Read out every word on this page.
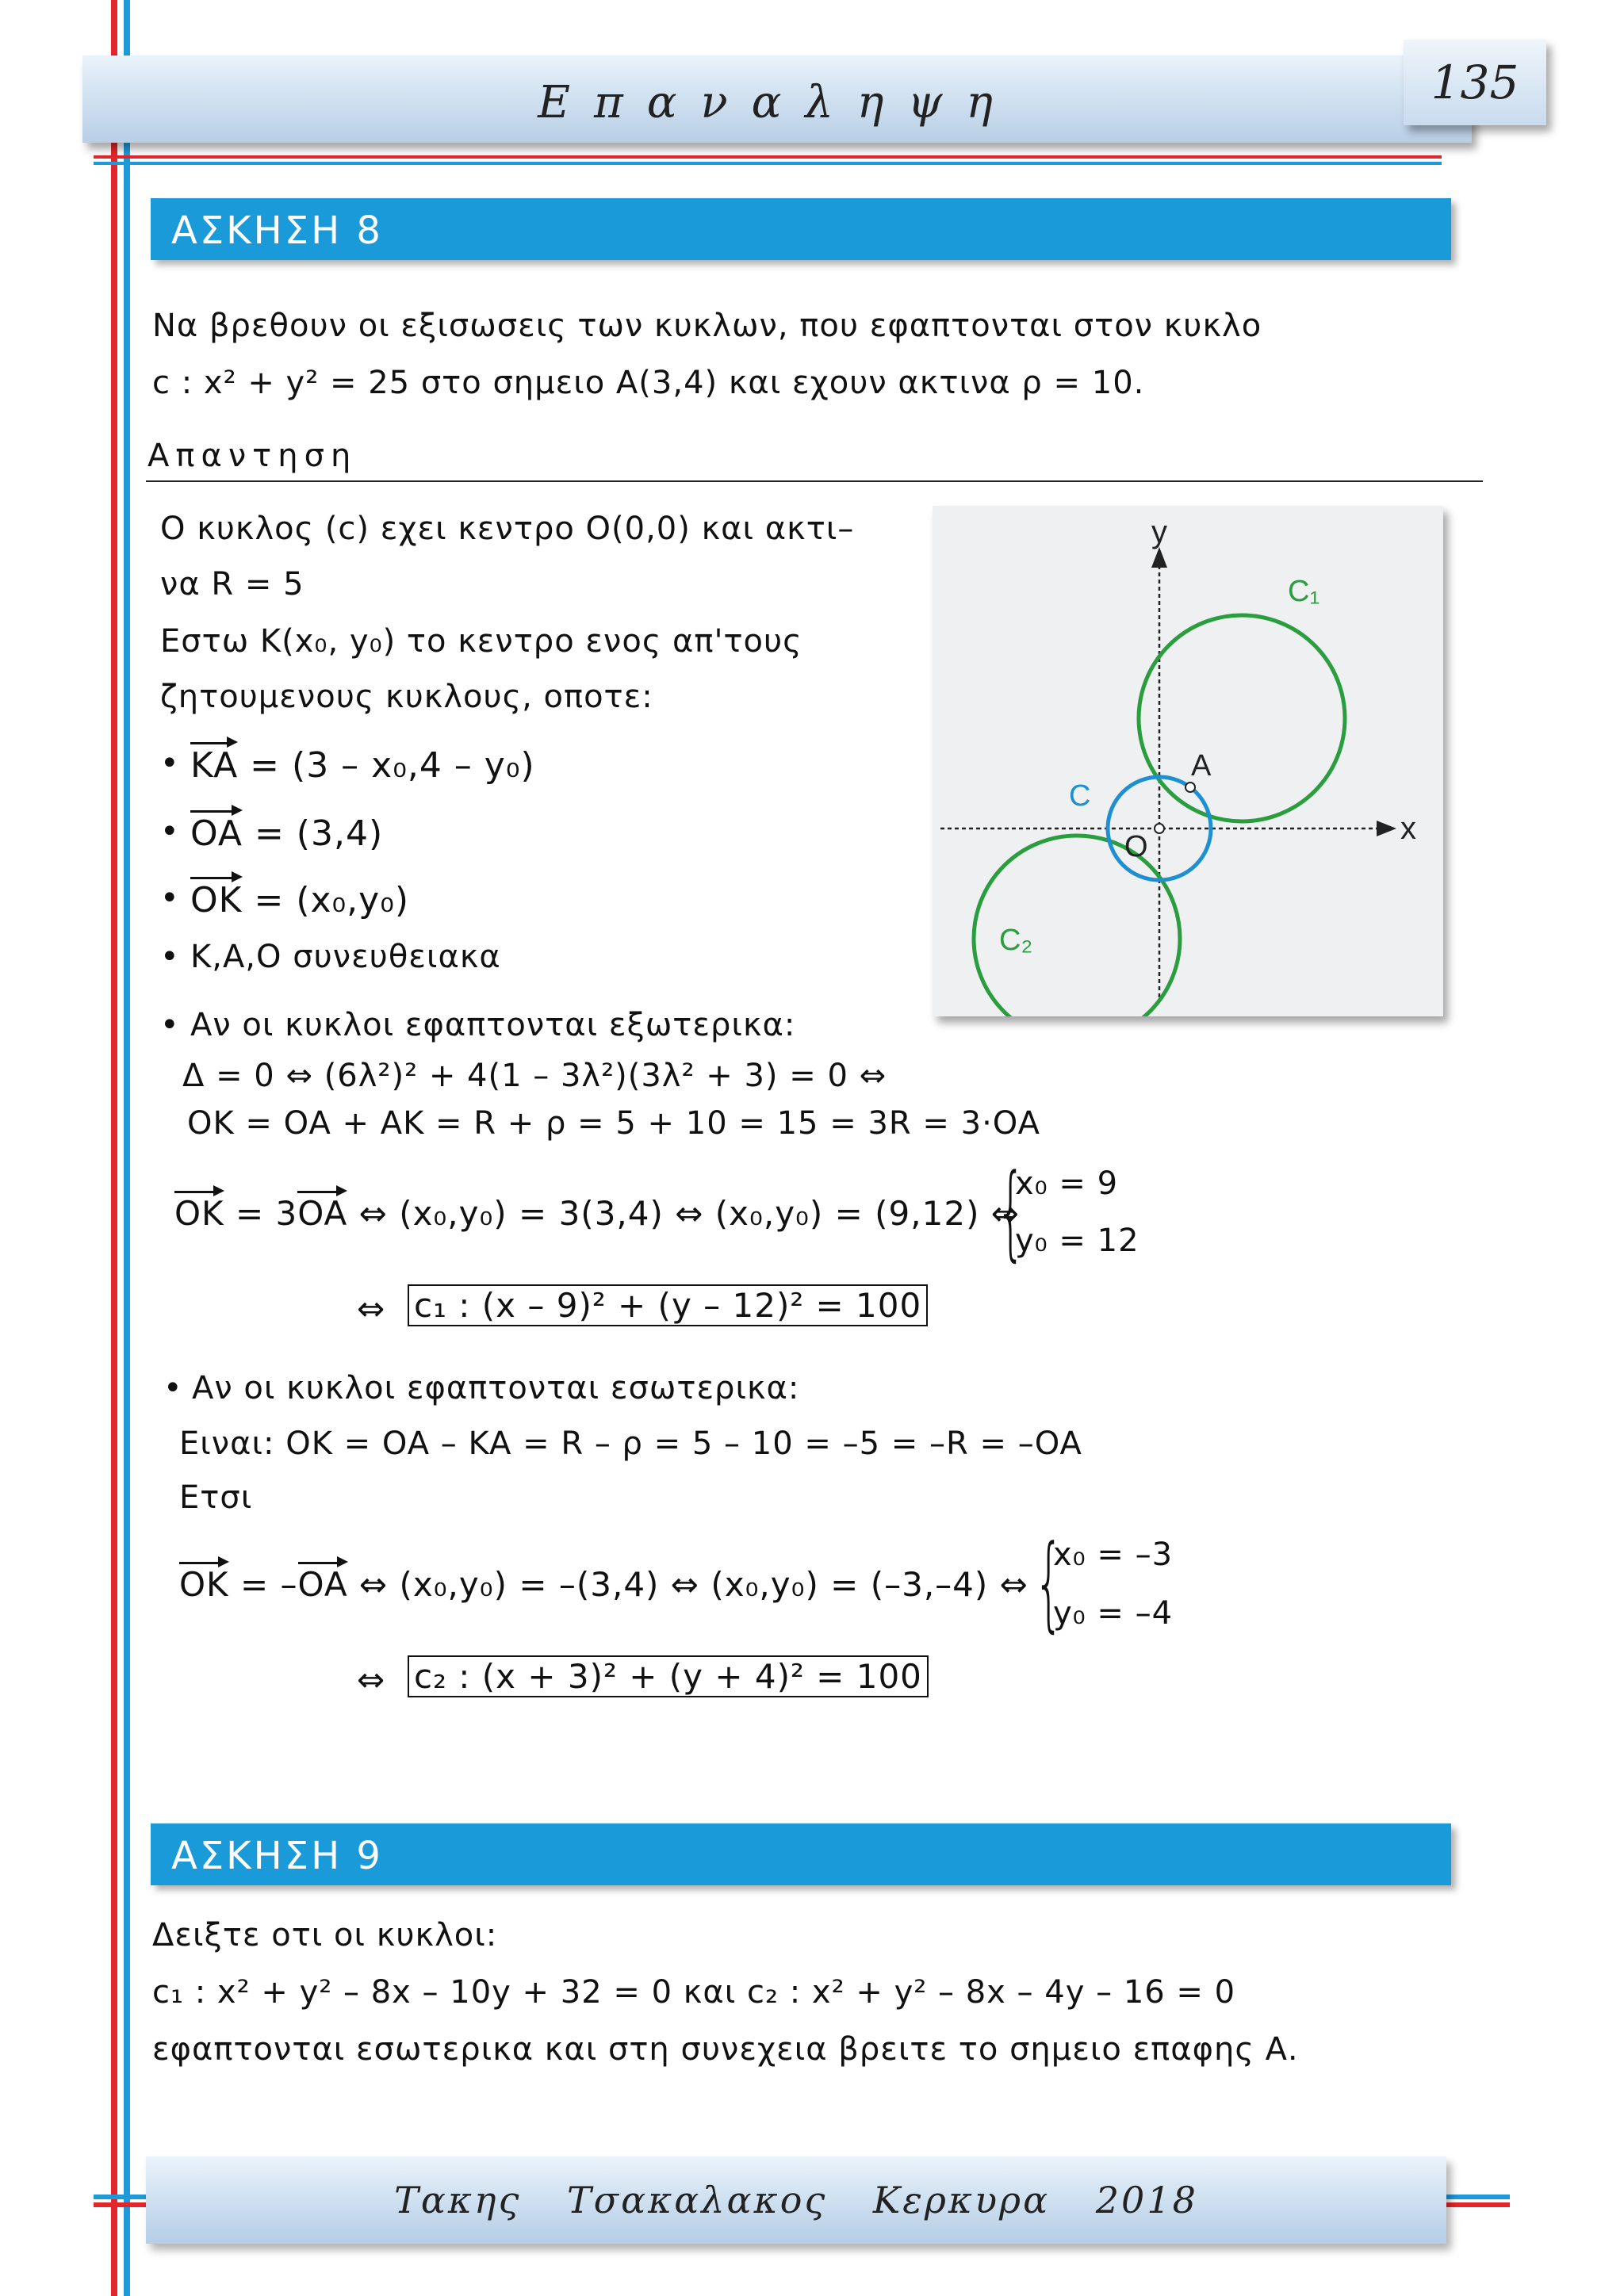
Επαναληψη	135
ΑΣΚΗΣΗ 8
Να βρεθουν οι εξισωσεις των κυκλων, που εφαπτονται στον κυκλο
c : x² + y² = 25 στο σημειο Α(3,4) και εχουν ακτινα ρ = 10.
Απαντηση
Ο κυκλος (c) εχει κεντρο Ο(0,0) και ακτι–
να R = 5
Εστω K(x₀, y₀) το κεντρο ενος απ'τους
ζητουμενους κυκλους, οποτε:
• KA = (3 – x₀,4 – y₀)
• OA = (3,4)
• OK = (x₀,y₀)
• K,A,O συνευθειακα
y
x
C₁
C₂
C
O
A
• Αν οι κυκλοι εφαπτονται εξωτερικα:
Δ = 0 ⇔ (6λ²)² + 4(1 – 3λ²)(3λ² + 3) = 0 ⇔
OK = OA + AK = R + ρ = 5 + 10 = 15 = 3R = 3·OA
OK = 3OA ⇔ (x₀,y₀) = 3(3,4) ⇔ (x₀,y₀) = (9,12) ⇔
{
x₀ = 9
y₀ = 12
⇔ c₁ : (x – 9)² + (y – 12)² = 100
• Αν οι κυκλοι εφαπτονται εσωτερικα:
Ειναι: OK = OA – KA = R – ρ = 5 – 10 = –5 = –R = –OA
Ετσι
OK = –OA ⇔ (x₀,y₀) = –(3,4) ⇔ (x₀,y₀) = (–3,–4) ⇔ {
x₀ = –3
y₀ = –4
⇔ c₂ : (x + 3)² + (y + 4)² = 100
ΑΣΚΗΣΗ 9
Δειξτε οτι οι κυκλοι:
c₁ : x² + y² – 8x – 10y + 32 = 0 και c₂ : x² + y² – 8x – 4y – 16 = 0
εφαπτονται εσωτερικα και στη συνεχεια βρειτε το σημειο επαφης Α.
Τακης Τσακαλακος Κερκυρα 2018
